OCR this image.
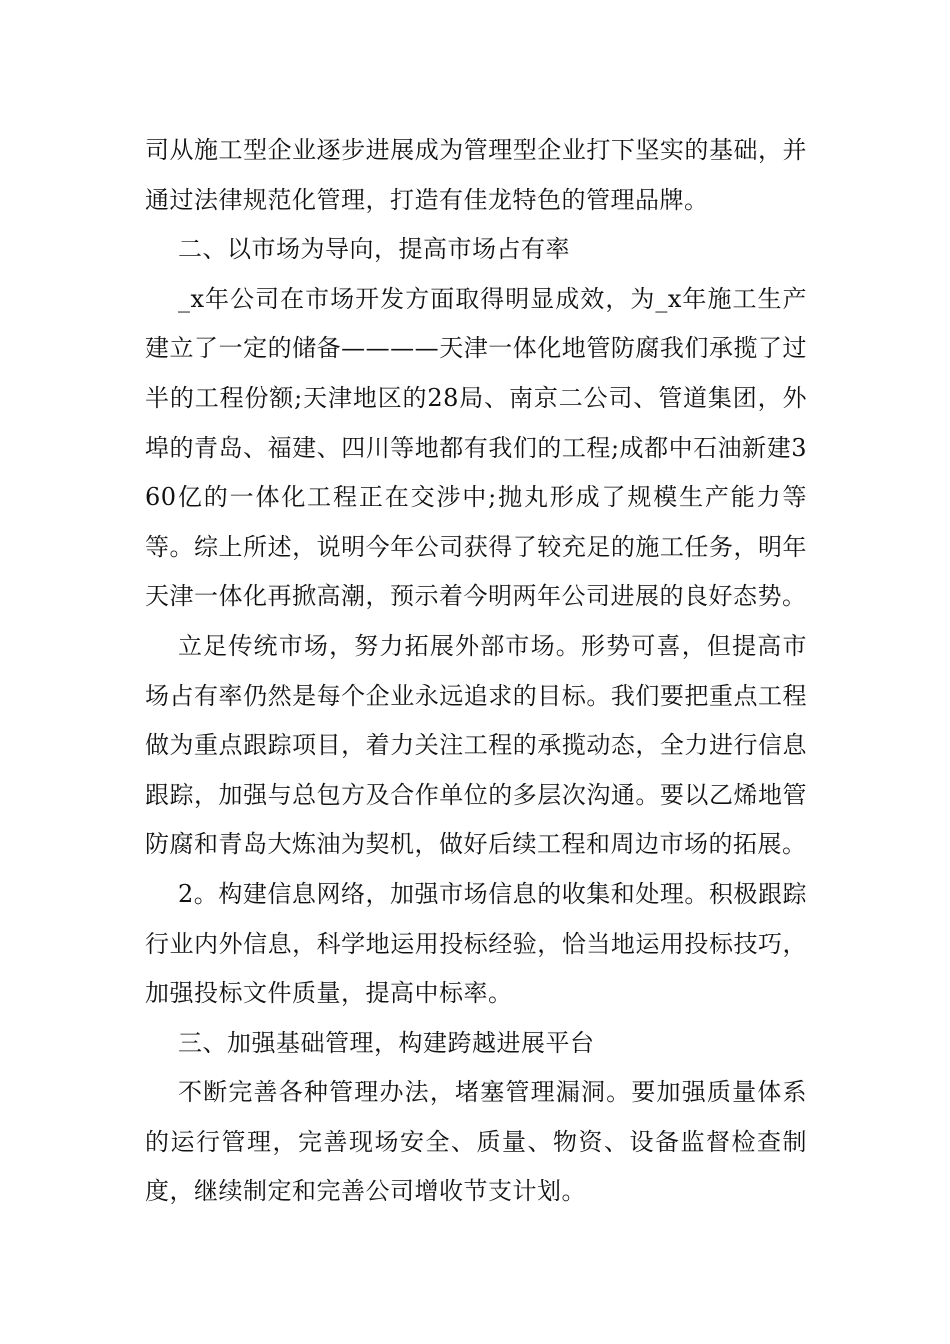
司从施工型企业逐步进展成为管理型企业打下坚实的基础，并通过法律规范化管理，打造有佳龙特色的管理品牌。

二、以市场为导向，提高市场占有率

_x年公司在市场开发方面取得明显成效，为_x年施工生产建立了一定的储备————天津一体化地管防腐我们承揽了过半的工程份额;天津地区的28局、南京二公司、管道集团，外埠的青岛、福建、四川等地都有我们的工程;成都中石油新建360亿的一体化工程正在交涉中;抛丸形成了规模生产能力等等。综上所述，说明今年公司获得了较充足的施工任务，明年天津一体化再掀高潮，预示着今明两年公司进展的良好态势。

立足传统市场，努力拓展外部市场。形势可喜，但提高市场占有率仍然是每个企业永远追求的目标。我们要把重点工程做为重点跟踪项目，着力关注工程的承揽动态，全力进行信息跟踪，加强与总包方及合作单位的多层次沟通。要以乙烯地管防腐和青岛大炼油为契机，做好后续工程和周边市场的拓展。

2。构建信息网络，加强市场信息的收集和处理。积极跟踪行业内外信息，科学地运用投标经验，恰当地运用投标技巧，加强投标文件质量，提高中标率。

三、加强基础管理，构建跨越进展平台

不断完善各种管理办法，堵塞管理漏洞。要加强质量体系的运行管理，完善现场安全、质量、物资、设备监督检查制度，继续制定和完善公司增收节支计划。
